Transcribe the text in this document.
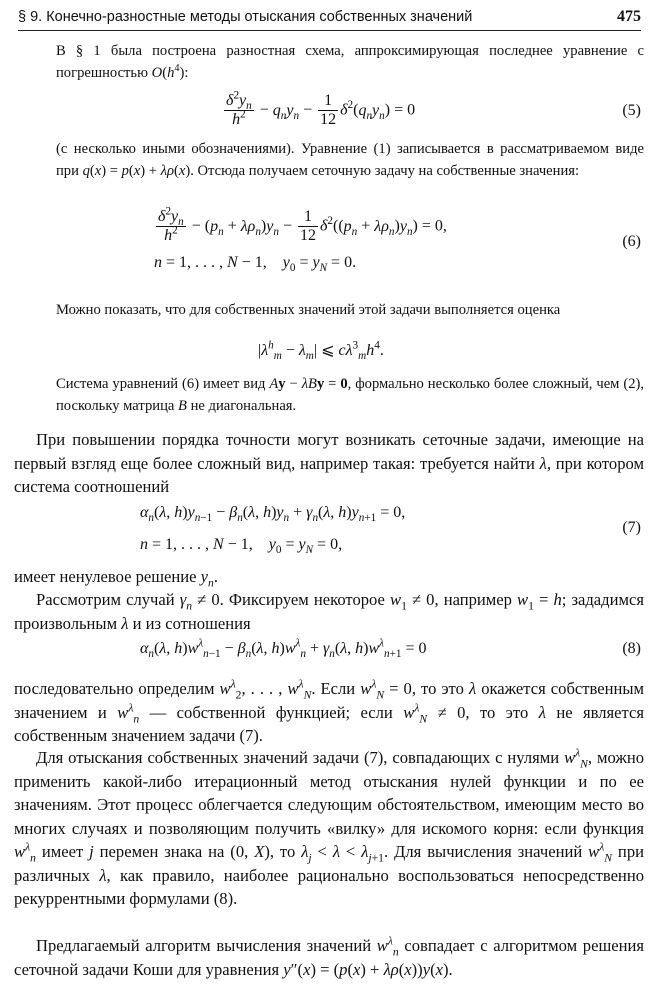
§ 9. Конечно-разностные методы отыскания собственных значений	475
В § 1 была построена разностная схема, аппроксимирующая последнее уравнение с погрешностью $O(h^4)$:
$\frac{\delta^2y_n}{h^2} - q_ny_n - \frac{1}{12} \delta^2(q_ny_n) = 0$	(5)
(с несколько иными обозначениями). Уравнение (1) записывается в рассматриваемом виде при q(x) = p(x) + λρ(x). Отсюда получаем сеточную задачу на собственные значения:
$\frac{\delta^2y_n}{h^2} - (p_n + \lambda\rho_n)y_n - \frac{1}{12} \delta^2((p_n + \lambda\rho_n)y_n) = 0$,
n = 1, . . . , N − 1,    $y_0 = y_N = 0$.
(6)
Можно показать, что для собственных значений этой задачи выполняется оценка
$|\lambda^h_m - \lambda_m|$ ⩽ $c\lambda^3_mh^4$.
Система уравнений (6) имеет вид Ay − λBy = 0, формально несколько более сложный, чем (2), поскольку матрица B не диагональная.
При повышении порядка точности могут возникать сеточные задачи, имеющие на первый взгляд еще более сложный вид, например такая: требуется найти λ, при котором система соотношений
$\alpha_n(\lambda$, $h)y_{n-1} - \beta_n(\lambda$, $h)y_n + \gamma_n(\lambda$, $h)y_{n+1} = 0$,
n = 1, . . . , N − 1,    $y_0 = y_N = 0$,
(7)
имеет ненулевое решение $y_n$.
Рассмотрим случай $\gamma_n \ne 0$. Фиксируем некоторое $w_1 \ne 0$, например $w_1 = h$; зададимся произвольным λ и из сотношения
$\alpha_n(\lambda$, $h)w^\lambda_{n-1} - \beta_n(\lambda$, $h)w^\lambda_n + \gamma_n(\lambda$, $h)w^\lambda_{n+1} = 0$	(8)
последовательно определим $w^\lambda_2$, . . . , $w^\lambda_N$. Если $w^\lambda_N = 0$, то это λ окажется собственным значением и $w^\lambda_n$ — собственной функцией; если $w^\lambda_N \ne 0$, то это λ не является собственным значением задачи (7).
Для отыскания собственных значений задачи (7), совпадающих с нулями $w^\lambda_N$, можно применить какой-либо итерационный метод отыскания нулей функции и по ее значениям. Этот процесс облегчается следующим обстоятельством, имеющим место во многих случаях и позволяющим получить «вилку» для искомого корня: если функция $w^\lambda_n$ имеет j перемен знака на (0, X), то $\lambda_j < \lambda < \lambda_{j+1}$. Для вычисления значений $w^\lambda_N$ при различных λ, как правило, наиболее рационально воспользоваться непосредственно рекуррентными формулами (8).
Предлагаемый алгоритм вычисления значений $w^\lambda_n$ совпадает с алгоритмом решения сеточной задачи Коши для уравнения y″(x) = (p(x) + λρ(x))y(x).
